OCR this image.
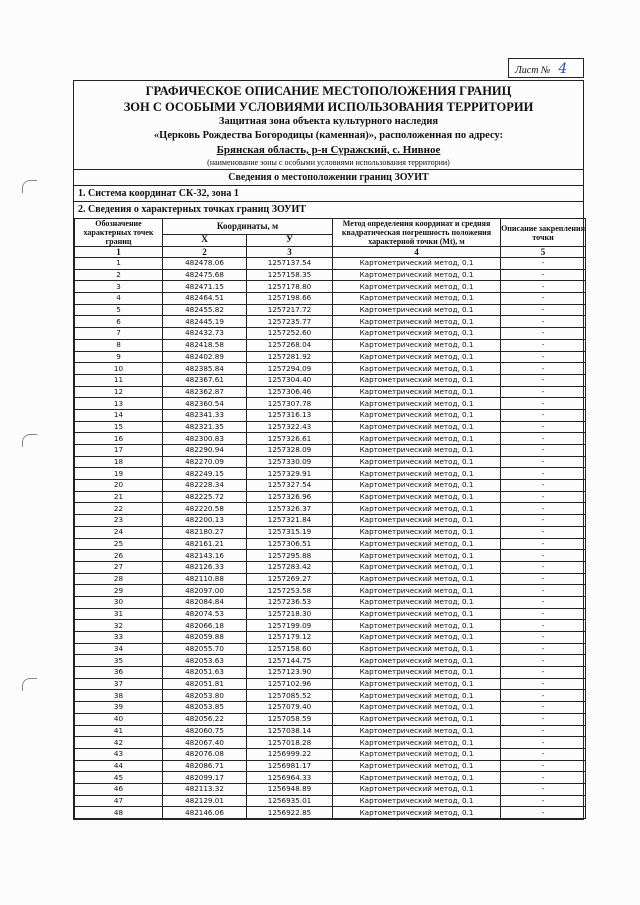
Лист № 4
ГРАФИЧЕСКОЕ ОПИСАНИЕ МЕСТОПОЛОЖЕНИЯ ГРАНИЦ
ЗОН С ОСОБЫМИ УСЛОВИЯМИ ИСПОЛЬЗОВАНИЯ ТЕРРИТОРИИ
Защитная зона объекта культурного наследия
«Церковь Рождества Богородицы (каменная)», расположенная по адресу:
Брянская область, р-н Суражский, с. Нивное
(наименование зоны с особыми условиями использования территории)
Сведения о местоположении границ ЗОУИТ
1. Система координат СК-32, зона 1
2. Сведения о характерных точках границ ЗОУИТ
Обозначение характерных точек границ	Координаты, м		Метод определения координат и средняя квадратическая погрешность положения характерной точки (Мt), м	Описание закрепления точки
	X	У		
1	2	3	4	5
1	482478.06	1257137.54	Картометрический метод, 0.1	-
2	482475.68	1257158.35	Картометрический метод, 0.1	-
3	482471.15	1257178.80	Картометрический метод, 0.1	-
4	482464.51	1257198.66	Картометрический метод, 0.1	-
5	482455.82	1257217.72	Картометрический метод, 0.1	-
6	482445.19	1257235.77	Картометрический метод, 0.1	-
7	482432.73	1257252.60	Картометрический метод, 0.1	-
8	482418.58	1257268.04	Картометрический метод, 0.1	-
9	482402.89	1257281.92	Картометрический метод, 0.1	-
10	482385.84	1257294.09	Картометрический метод, 0.1	-
11	482367.61	1257304.40	Картометрический метод, 0.1	-
12	482362.87	1257306.46	Картометрический метод, 0.1	-
13	482360.54	1257307.78	Картометрический метод, 0.1	-
14	482341.33	1257316.13	Картометрический метод, 0.1	-
15	482321.35	1257322.43	Картометрический метод, 0.1	-
16	482300.83	1257326.61	Картометрический метод, 0.1	-
17	482290.94	1257328.09	Картометрический метод, 0.1	-
18	482270.09	1257330.09	Картометрический метод, 0.1	-
19	482249.15	1257329.91	Картометрический метод, 0.1	-
20	482228.34	1257327.54	Картометрический метод, 0.1	-
21	482225.72	1257326.96	Картометрический метод, 0.1	-
22	482220.58	1257326.37	Картометрический метод, 0.1	-
23	482200.13	1257321.84	Картометрический метод, 0.1	-
24	482180.27	1257315.19	Картометрический метод, 0.1	-
25	482161.21	1257306.51	Картометрический метод, 0.1	-
26	482143.16	1257295.88	Картометрический метод, 0.1	-
27	482126.33	1257283.42	Картометрический метод, 0.1	-
28	482110.88	1257269.27	Картометрический метод, 0.1	-
29	482097.00	1257253.58	Картометрический метод, 0.1	-
30	482084.84	1257236.53	Картометрический метод, 0.1	-
31	482074.53	1257218.30	Картометрический метод, 0.1	-
32	482066.18	1257199.09	Картометрический метод, 0.1	-
33	482059.88	1257179.12	Картометрический метод, 0.1	-
34	482055.70	1257158.60	Картометрический метод, 0.1	-
35	482053.63	1257144.75	Картометрический метод, 0.1	-
36	482051.63	1257123.90	Картометрический метод, 0.1	-
37	482051.81	1257102.96	Картометрический метод, 0.1	-
38	482053.80	1257085.52	Картометрический метод, 0.1	-
39	482053.85	1257079.40	Картометрический метод, 0.1	-
40	482056.22	1257058.59	Картометрический метод, 0.1	-
41	482060.75	1257038.14	Картометрический метод, 0.1	-
42	482067.40	1257018.28	Картометрический метод, 0.1	-
43	482076.08	1256999.22	Картометрический метод, 0.1	-
44	482086.71	1256981.17	Картометрический метод, 0.1	-
45	482099.17	1256964.33	Картометрический метод, 0.1	-
46	482113.32	1256948.89	Картометрический метод, 0.1	-
47	482129.01	1256935.01	Картометрический метод, 0.1	-
48	482146.06	1256922.85	Картометрический метод, 0.1	-
